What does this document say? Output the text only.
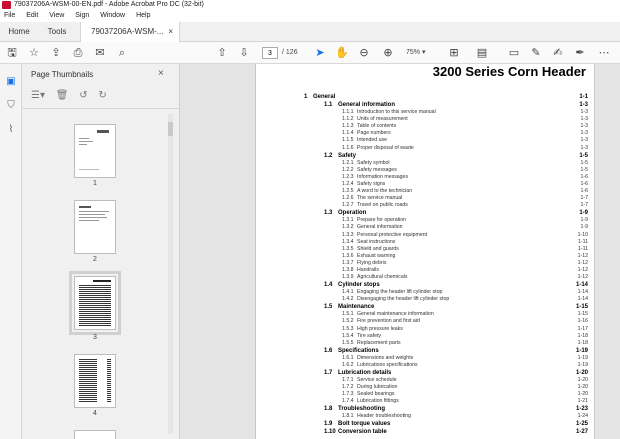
79037206A-WSM-00-EN.pdf - Adobe Acrobat Pro DC (32-bit)
File Edit View Sign Window Help
Home	Tools	79037206A-WSM-... ×
🖫	☆	⇪	⎙	✉	⌕	⇧	⇩	➤ ✋ ⊖	⊕	⊞	▤ ▭	✎	✍	✒	⋯
3
/ 126	75% ▾
▣
⛉
⌇
Page Thumbnails	×
☰▾ 🗑 ↺ ↻
1
2
3
4
3200 Series Corn Header
1 General	1-1
1.1 General information	1-3
1.1.1 Introduction to this service manual	1-3
1.1.2 Units of measurement	1-3
1.1.3 Table of contents	1-3
1.1.4 Page numbers	1-3
1.1.5 Intended use	1-3
1.1.6 Proper disposal of waste	1-3
1.2 Safety	1-5
1.2.1 Safety symbol	1-5
1.2.2 Safety messages	1-5
1.2.3 Information messages	1-6
1.2.4 Safety signs	1-6
1.2.5 A word to the technician	1-6
1.2.6 The service manual	1-7
1.2.7 Travel on public roads	1-7
1.3 Operation	1-9
1.3.1 Prepare for operation	1-9
1.3.2 General information	1-9
1.3.3 Personal protective equipment	1-10
1.3.4 Seat instructions	1-11
1.3.5 Shield and guards	1-11
1.3.6 Exhaust warning	1-12
1.3.7 Flying debris	1-12
1.3.8 Handrails	1-12
1.3.9 Agricultural chemicals	1-12
1.4 Cylinder stops	1-14
1.4.1 Engaging the header lift cylinder stop	1-14
1.4.2 Disengaging the header lift cylinder stop	1-14
1.5 Maintenance	1-15
1.5.1 General maintenance information	1-15
1.5.2 Fire prevention and first aid	1-16
1.5.3 High pressure leaks	1-17
1.5.4 Tire safety	1-18
1.5.5 Replacement parts	1-18
1.6 Specifications	1-19
1.6.1 Dimensions and weights	1-19
1.6.2 Lubrications specifications	1-19
1.7 Lubrication details	1-20
1.7.1 Service schedule	1-20
1.7.2 During lubrication	1-20
1.7.3 Sealed bearings	1-20
1.7.4 Lubrication fittings	1-21
1.8 Troubleshooting	1-23
1.8.1 Header troubleshooting	1-24
1.9 Bolt torque values	1-25
1.10 Conversion table	1-27
